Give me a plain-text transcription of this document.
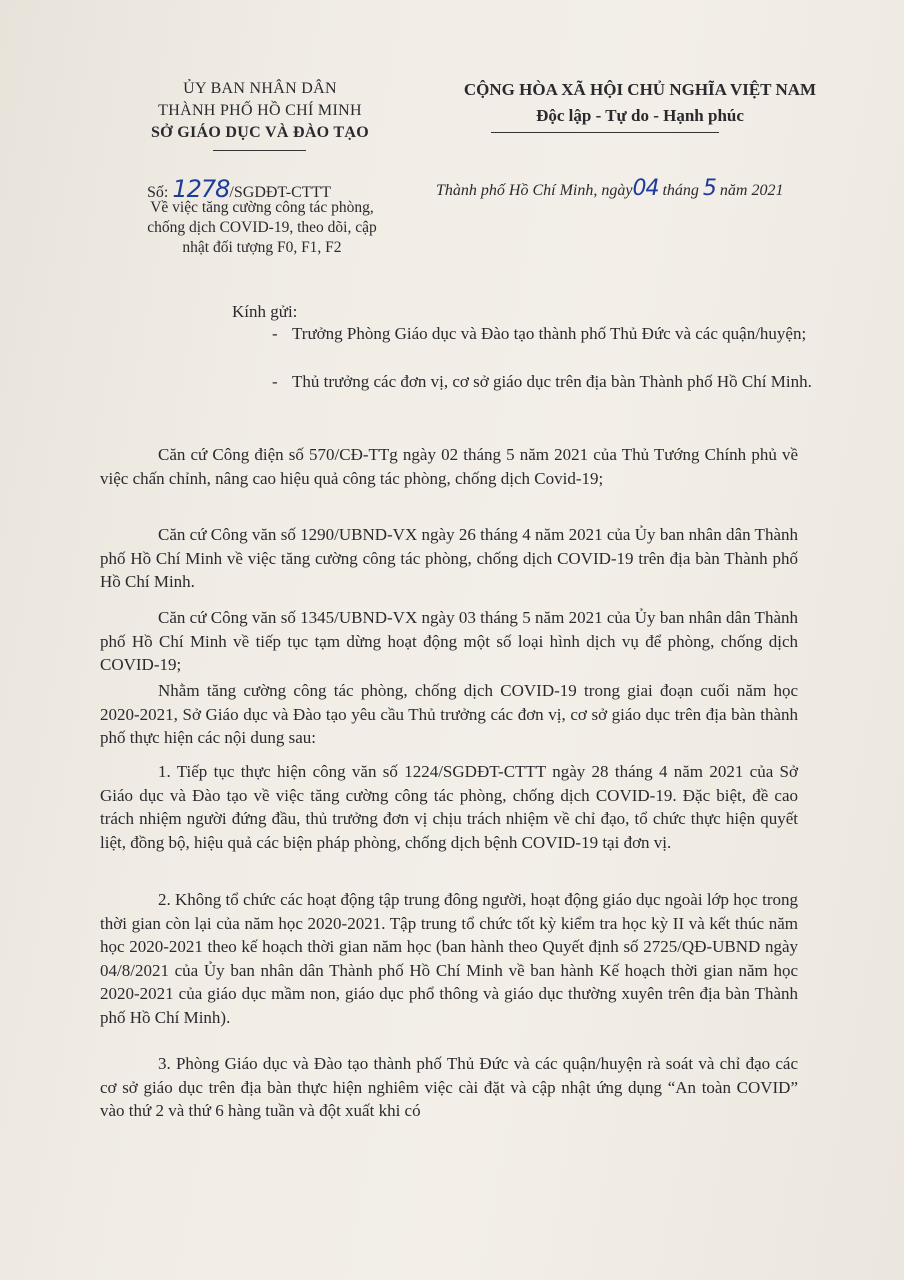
ỦY BAN NHÂN DÂN
THÀNH PHỐ HỒ CHÍ MINH
SỞ GIÁO DỤC VÀ ĐÀO TẠO
CỘNG HÒA XÃ HỘI CHỦ NGHĨA VIỆT NAM
Độc lập - Tự do - Hạnh phúc
Số: 1278/SGDĐT-CTTT
Về việc tăng cường công tác phòng, chống dịch COVID-19, theo dõi, cập nhật đối tượng F0, F1, F2
Thành phố Hồ Chí Minh, ngày04 tháng 5 năm 2021
Kính gửi:
- Trưởng Phòng Giáo dục và Đào tạo thành phố Thủ Đức và các quận/huyện;
- Thủ trưởng các đơn vị, cơ sở giáo dục trên địa bàn Thành phố Hồ Chí Minh.
Căn cứ Công điện số 570/CĐ-TTg ngày 02 tháng 5 năm 2021 của Thủ Tướng Chính phủ về việc chấn chỉnh, nâng cao hiệu quả công tác phòng, chống dịch Covid-19;
Căn cứ Công văn số 1290/UBND-VX ngày 26 tháng 4 năm 2021 của Ủy ban nhân dân Thành phố Hồ Chí Minh về việc tăng cường công tác phòng, chống dịch COVID-19 trên địa bàn Thành phố Hồ Chí Minh.
Căn cứ Công văn số 1345/UBND-VX ngày 03 tháng 5 năm 2021 của Ủy ban nhân dân Thành phố Hồ Chí Minh về tiếp tục tạm dừng hoạt động một số loại hình dịch vụ để phòng, chống dịch COVID-19;
Nhằm tăng cường công tác phòng, chống dịch COVID-19 trong giai đoạn cuối năm học 2020-2021, Sở Giáo dục và Đào tạo yêu cầu Thủ trưởng các đơn vị, cơ sở giáo dục trên địa bàn thành phố thực hiện các nội dung sau:
1. Tiếp tục thực hiện công văn số 1224/SGDĐT-CTTT ngày 28 tháng 4 năm 2021 của Sở Giáo dục và Đào tạo về việc tăng cường công tác phòng, chống dịch COVID-19. Đặc biệt, đề cao trách nhiệm người đứng đầu, thủ trưởng đơn vị chịu trách nhiệm về chỉ đạo, tổ chức thực hiện quyết liệt, đồng bộ, hiệu quả các biện pháp phòng, chống dịch bệnh COVID-19 tại đơn vị.
2. Không tổ chức các hoạt động tập trung đông người, hoạt động giáo dục ngoài lớp học trong thời gian còn lại của năm học 2020-2021. Tập trung tổ chức tốt kỳ kiểm tra học kỳ II và kết thúc năm học 2020-2021 theo kế hoạch thời gian năm học (ban hành theo Quyết định số 2725/QĐ-UBND ngày 04/8/2021 của Ủy ban nhân dân Thành phố Hồ Chí Minh về ban hành Kế hoạch thời gian năm học 2020-2021 của giáo dục mầm non, giáo dục phổ thông và giáo dục thường xuyên trên địa bàn Thành phố Hồ Chí Minh).
3. Phòng Giáo dục và Đào tạo thành phố Thủ Đức và các quận/huyện rà soát và chỉ đạo các cơ sở giáo dục trên địa bàn thực hiện nghiêm việc cài đặt và cập nhật ứng dụng “An toàn COVID” vào thứ 2 và thứ 6 hàng tuần và đột xuất khi có
